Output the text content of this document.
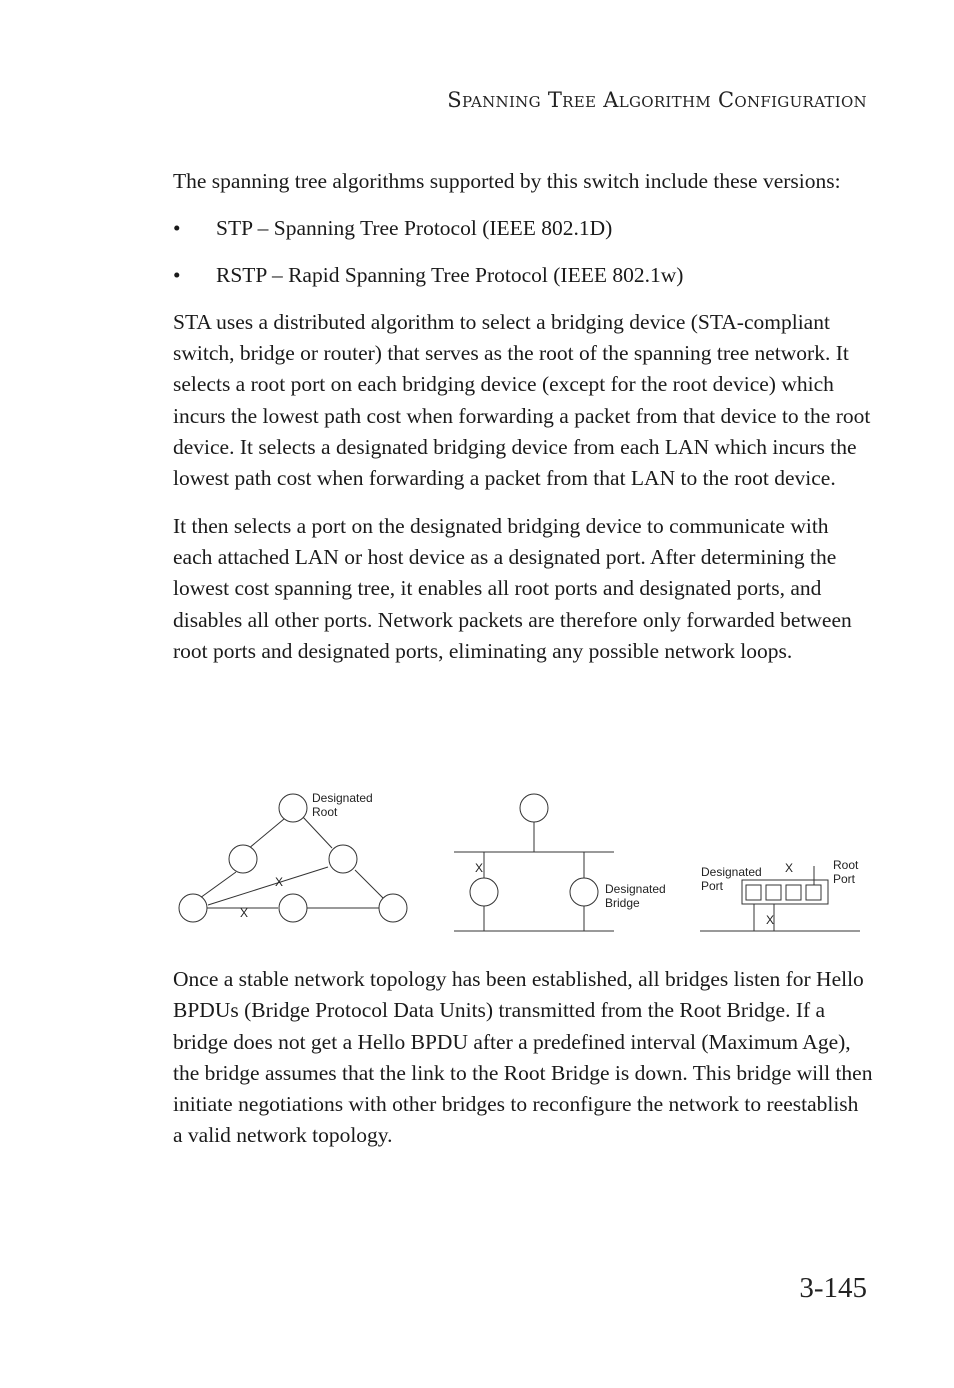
Spanning Tree Algorithm Configuration

The spanning tree algorithms supported by this switch include these versions:

• STP – Spanning Tree Protocol (IEEE 802.1D)
• RSTP – Rapid Spanning Tree Protocol (IEEE 802.1w)

STA uses a distributed algorithm to select a bridging device (STA-compliant switch, bridge or router) that serves as the root of the spanning tree network. It selects a root port on each bridging device (except for the root device) which incurs the lowest path cost when forwarding a packet from that device to the root device. It selects a designated bridging device from each LAN which incurs the lowest path cost when forwarding a packet from that LAN to the root device.

It then selects a port on the designated bridging device to communicate with each attached LAN or host device as a designated port. After determining the lowest cost spanning tree, it enables all root ports and designated ports, and disables all other ports. Network packets are therefore only forwarded between root ports and designated ports, eliminating any possible network loops.

Designated
Root
X
X
Designated
Bridge
X	Designated
Port
Root
Port
X
X

Once a stable network topology has been established, all bridges listen for Hello BPDUs (Bridge Protocol Data Units) transmitted from the Root Bridge. If a bridge does not get a Hello BPDU after a predefined interval (Maximum Age), the bridge assumes that the link to the Root Bridge is down. This bridge will then initiate negotiations with other bridges to reconfigure the network to reestablish a valid network topology.

3-145
